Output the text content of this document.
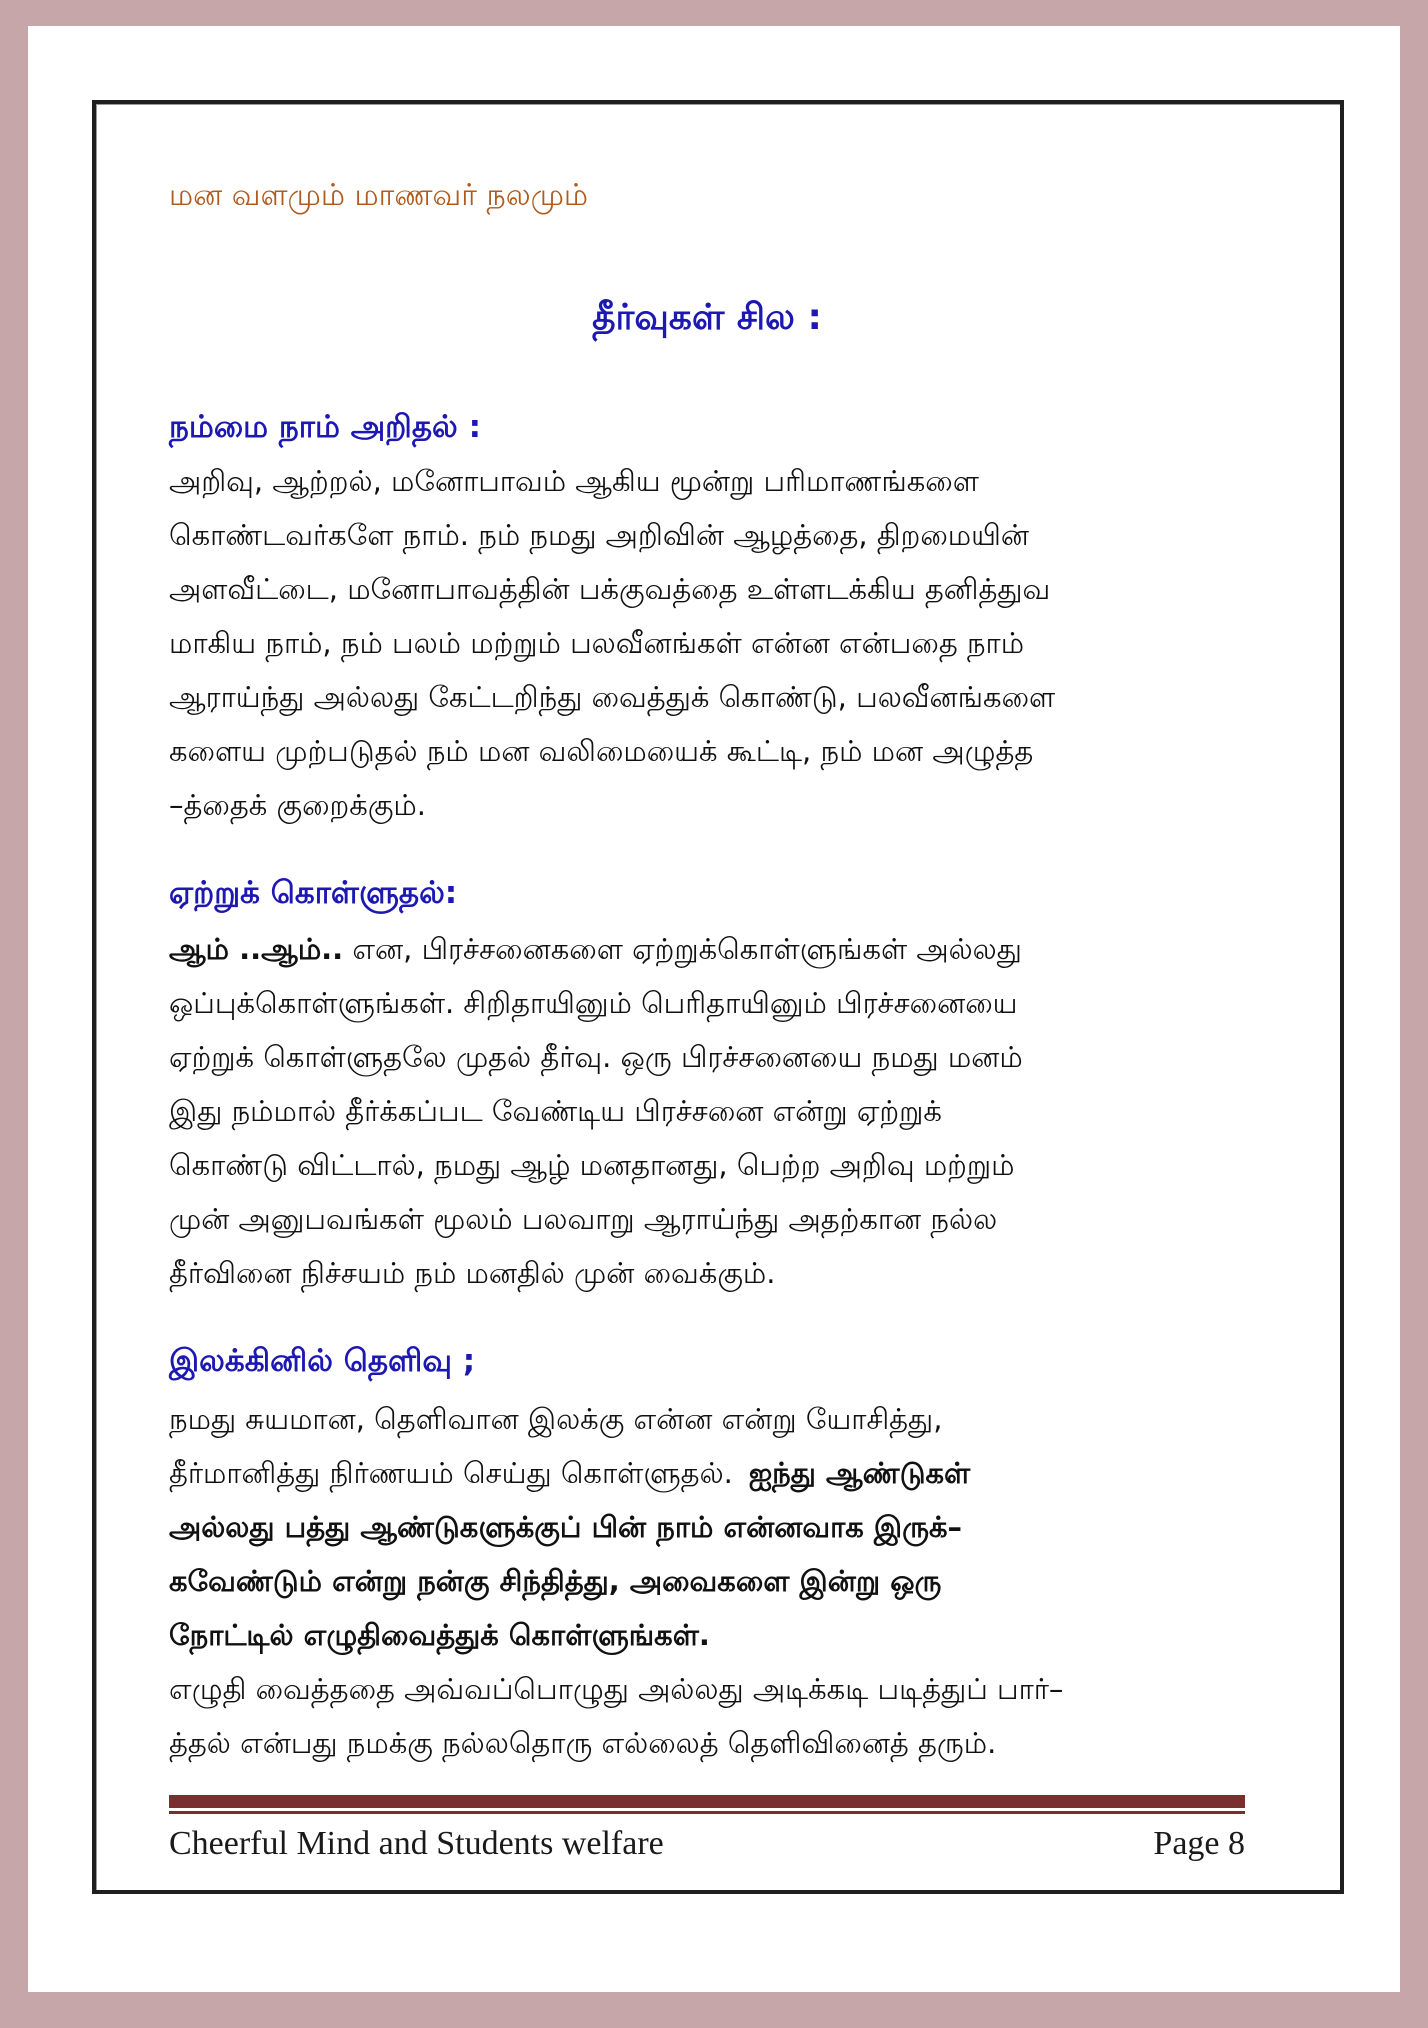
மன வளமும் மாணவர் நலமும்
தீர்வுகள் சில :
நம்மை நாம் அறிதல் :
அறிவு, ஆற்றல், மனோபாவம் ஆகிய மூன்று பரிமாணங்களை
கொண்டவர்களே நாம். நம் நமது அறிவின் ஆழத்தை, திறமையின்
அளவீட்டை, மனோபாவத்தின் பக்குவத்தை உள்ளடக்கிய தனித்துவ
மாகிய நாம், நம் பலம் மற்றும் பலவீனங்கள் என்ன என்பதை நாம்
ஆராய்ந்து அல்லது கேட்டறிந்து வைத்துக் கொண்டு, பலவீனங்களை
களைய முற்படுதல் நம் மன வலிமையைக் கூட்டி, நம் மன அழுத்த
–த்தைக் குறைக்கும்.
ஏற்றுக் கொள்ளுதல்:
ஆம் ..ஆம்.. என, பிரச்சனைகளை ஏற்றுக்கொள்ளுங்கள் அல்லது
ஒப்புக்கொள்ளுங்கள். சிறிதாயினும் பெரிதாயினும் பிரச்சனையை
ஏற்றுக் கொள்ளுதலே முதல் தீர்வு. ஒரு பிரச்சனையை நமது மனம்
இது நம்மால் தீர்க்கப்பட வேண்டிய பிரச்சனை என்று ஏற்றுக்
கொண்டு விட்டால், நமது ஆழ் மனதானது, பெற்ற அறிவு மற்றும்
முன் அனுபவங்கள் மூலம் பலவாறு ஆராய்ந்து அதற்கான நல்ல
தீர்வினை நிச்சயம் நம் மனதில் முன் வைக்கும்.
இலக்கினில் தெளிவு ;
நமது சுயமான, தெளிவான இலக்கு என்ன என்று யோசித்து,
தீர்மானித்து நிர்ணயம் செய்து கொள்ளுதல். ஐந்து ஆண்டுகள்
அல்லது பத்து ஆண்டுகளுக்குப் பின் நாம் என்னவாக இருக்–
கவேண்டும் என்று நன்கு சிந்தித்து, அவைகளை இன்று ஒரு
நோட்டில் எழுதிவைத்துக் கொள்ளுங்கள்.
எழுதி வைத்ததை அவ்வப்பொழுது அல்லது அடிக்கடி படித்துப் பார்–
த்தல் என்பது நமக்கு நல்லதொரு எல்லைத் தெளிவினைத் தரும்.
Cheerful Mind and Students welfare	Page 8
